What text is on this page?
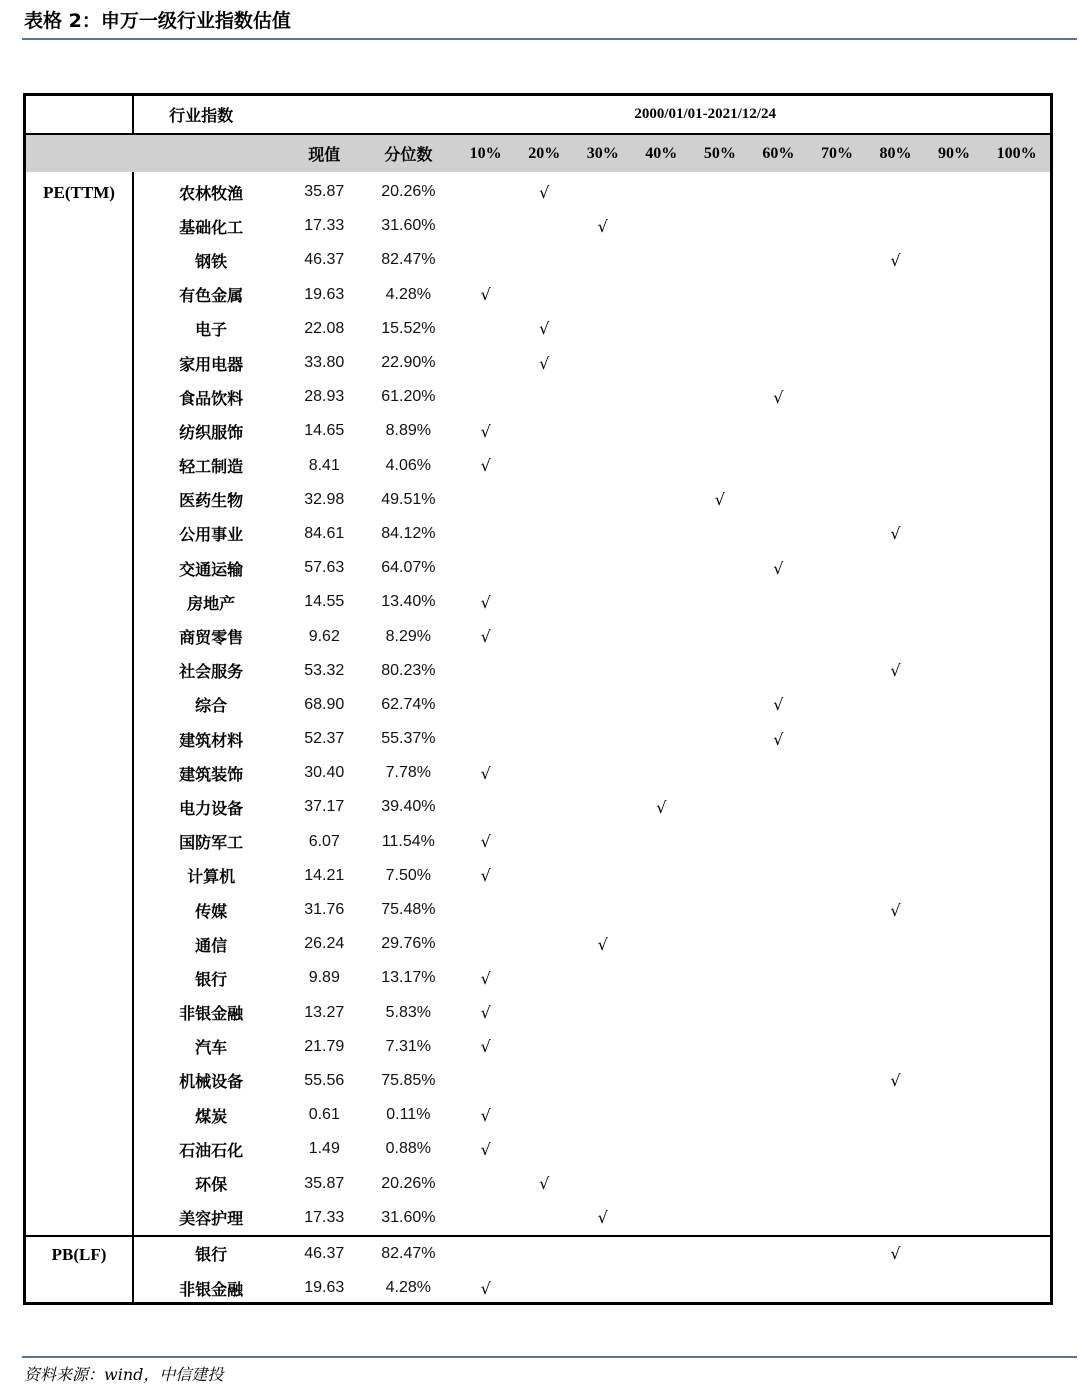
表格 2：申万一级行业指数估值
	行业指数		2000/01/01-2021/12/24										
		现值	分位数	10%	20%	30%	40%	50%	60%	70%	80%	90%	100%

PE(TTM)	农林牧渔	35.87	20.26%		√								
	基础化工	17.33	31.60%			√							
	钢铁	46.37	82.47%								√		
	有色金属	19.63	4.28%	√									
	电子	22.08	15.52%		√								
	家用电器	33.80	22.90%		√								
	食品饮料	28.93	61.20%						√				
	纺织服饰	14.65	8.89%	√									
	轻工制造	8.41	4.06%	√									
	医药生物	32.98	49.51%					√					
	公用事业	84.61	84.12%								√		
	交通运输	57.63	64.07%						√				
	房地产	14.55	13.40%	√									
	商贸零售	9.62	8.29%	√									
	社会服务	53.32	80.23%								√		
	综合	68.90	62.74%						√				
	建筑材料	52.37	55.37%						√				
	建筑装饰	30.40	7.78%	√									
	电力设备	37.17	39.40%				√						
	国防军工	6.07	11.54%	√									
	计算机	14.21	7.50%	√									
	传媒	31.76	75.48%								√		
	通信	26.24	29.76%			√							
	银行	9.89	13.17%	√									
	非银金融	13.27	5.83%	√									
	汽车	21.79	7.31%	√									
	机械设备	55.56	75.85%								√		
	煤炭	0.61	0.11%	√									
	石油石化	1.49	0.88%	√									
	环保	35.87	20.26%		√								
	美容护理	17.33	31.60%			√							
PB(LF)	银行	46.37	82.47%								√		
	非银金融	19.63	4.28%	√									
资料来源：wind，中信建投
